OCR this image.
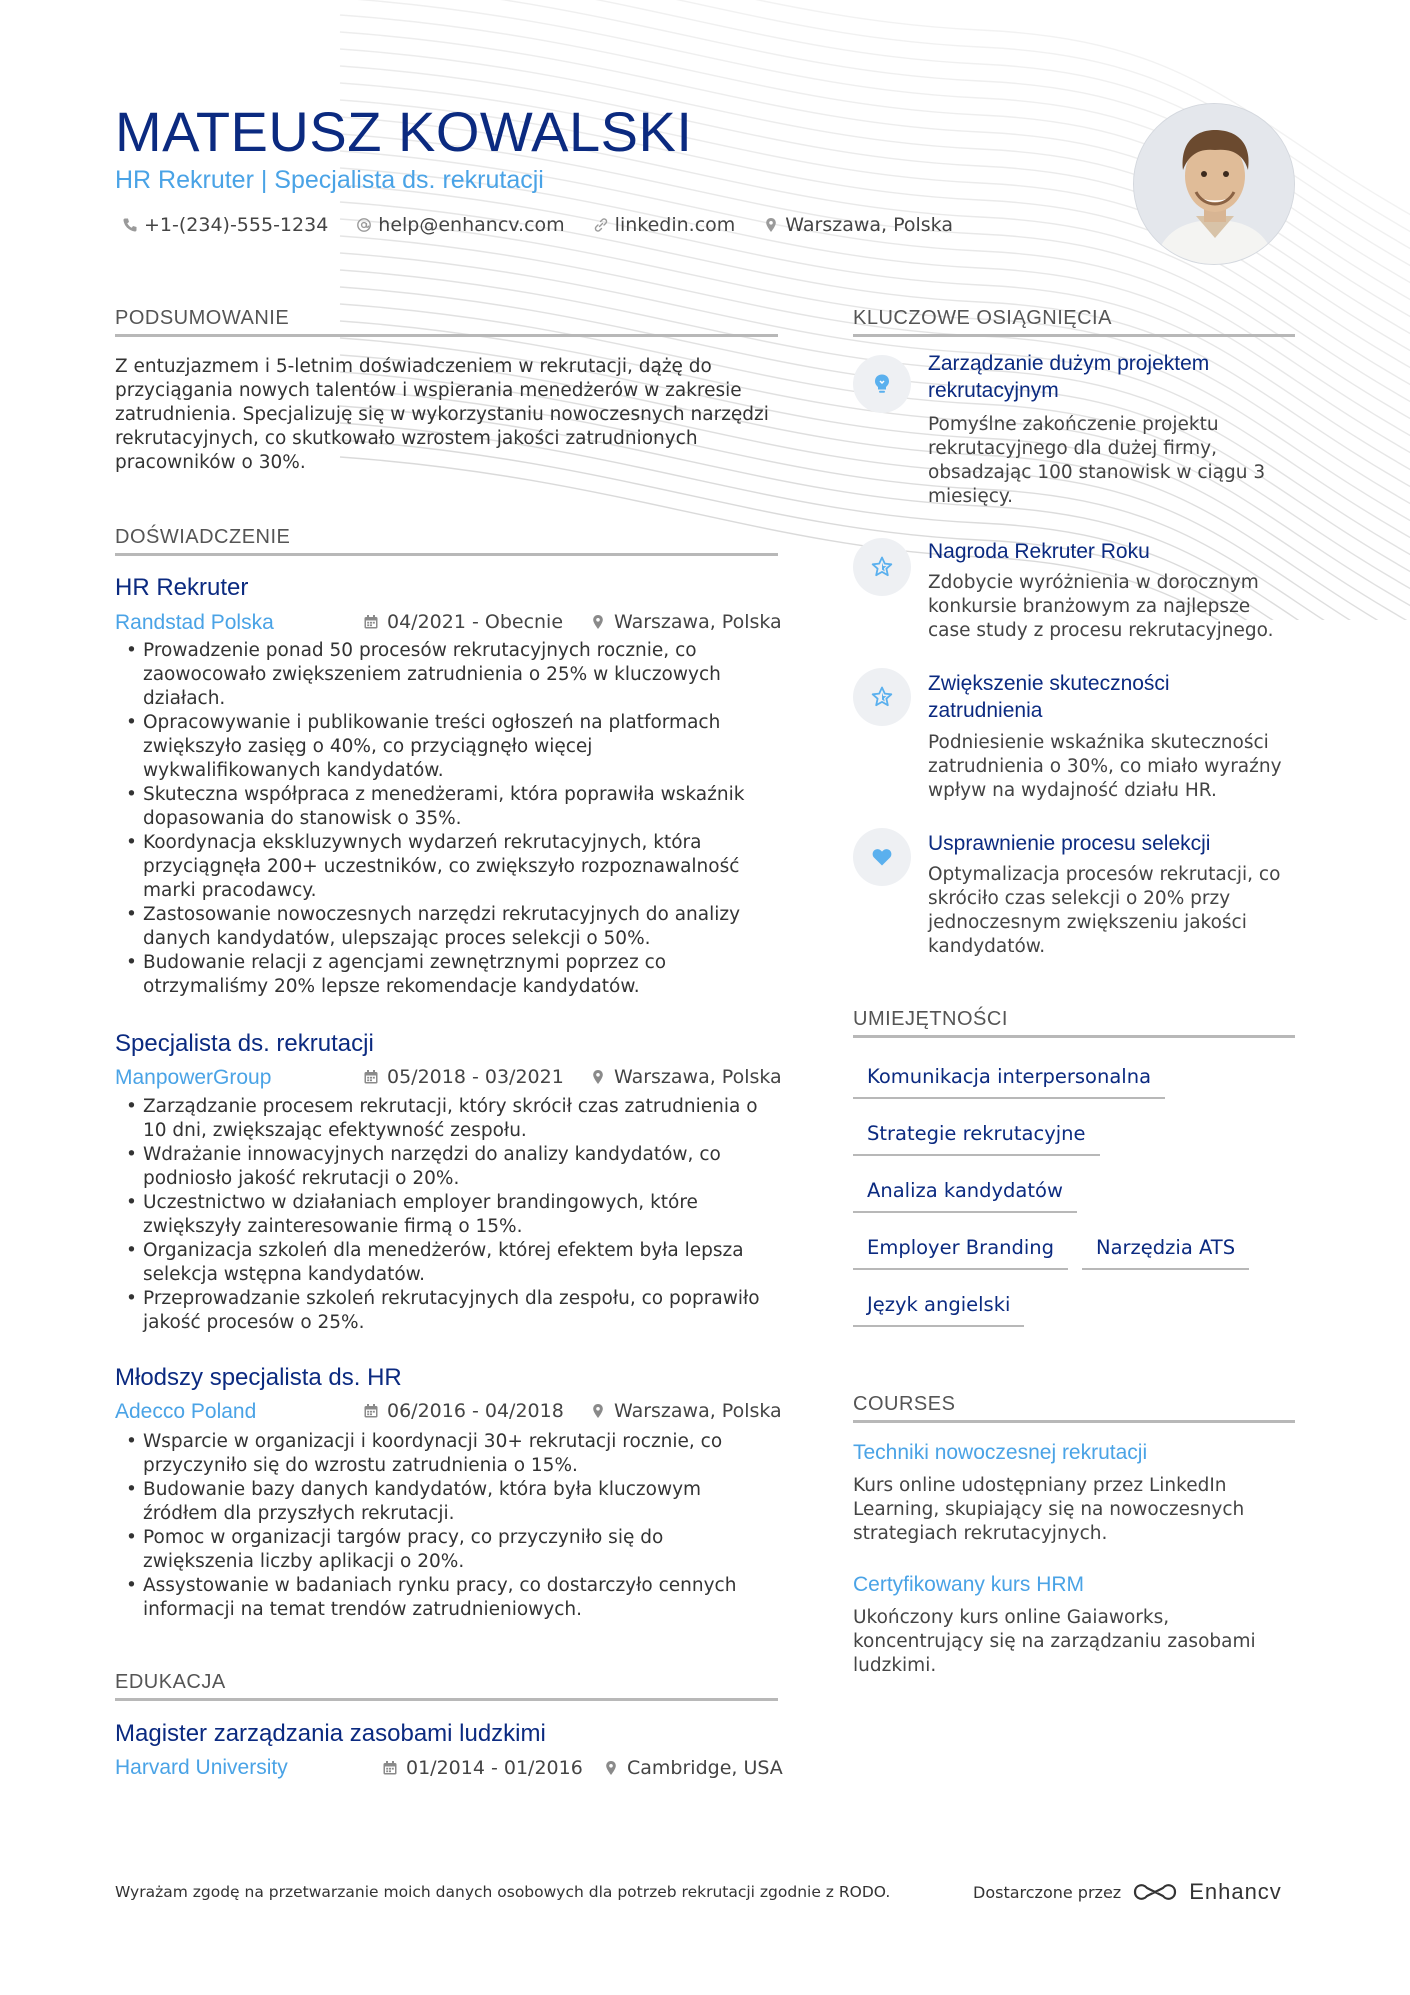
MATEUSZ KOWALSKI
HR Rekruter | Specjalista ds. rekrutacji
+1-(234)-555-1234	help@enhancv.com	linkedin.com	Warszawa, Polska
PODSUMOWANIE
Z entuzjazmem i 5-letnim doświadczeniem w rekrutacji, dążę do
przyciągania nowych talentów i wspierania menedżerów w zakresie
zatrudnienia. Specjalizuję się w wykorzystaniu nowoczesnych narzędzi
rekrutacyjnych, co skutkowało wzrostem jakości zatrudnionych
pracowników o 30%.
DOŚWIADCZENIE
HR Rekruter
Randstad Polska	04/2021 - Obecnie	Warszawa, Polska
• Prowadzenie ponad 50 procesów rekrutacyjnych rocznie, co zaowocowało zwiększeniem zatrudnienia o 25% w kluczowych działach.
• Opracowywanie i publikowanie treści ogłoszeń na platformach zwiększyło zasięg o 40%, co przyciągnęło więcej wykwalifikowanych kandydatów.
• Skuteczna współpraca z menedżerami, która poprawiła wskaźnik dopasowania do stanowisk o 35%.
• Koordynacja ekskluzywnych wydarzeń rekrutacyjnych, która przyciągnęła 200+ uczestników, co zwiększyło rozpoznawalność marki pracodawcy.
• Zastosowanie nowoczesnych narzędzi rekrutacyjnych do analizy danych kandydatów, ulepszając proces selekcji o 50%.
• Budowanie relacji z agencjami zewnętrznymi poprzez co otrzymaliśmy 20% lepsze rekomendacje kandydatów.
Specjalista ds. rekrutacji
ManpowerGroup	05/2018 - 03/2021	Warszawa, Polska
• Zarządzanie procesem rekrutacji, który skrócił czas zatrudnienia o 10 dni, zwiększając efektywność zespołu.
• Wdrażanie innowacyjnych narzędzi do analizy kandydatów, co podniosło jakość rekrutacji o 20%.
• Uczestnictwo w działaniach employer brandingowych, które zwiększyły zainteresowanie firmą o 15%.
• Organizacja szkoleń dla menedżerów, której efektem była lepsza selekcja wstępna kandydatów.
• Przeprowadzanie szkoleń rekrutacyjnych dla zespołu, co poprawiło jakość procesów o 25%.
Młodszy specjalista ds. HR
Adecco Poland	06/2016 - 04/2018	Warszawa, Polska
• Wsparcie w organizacji i koordynacji 30+ rekrutacji rocznie, co przyczyniło się do wzrostu zatrudnienia o 15%.
• Budowanie bazy danych kandydatów, która była kluczowym źródłem dla przyszłych rekrutacji.
• Pomoc w organizacji targów pracy, co przyczyniło się do zwiększenia liczby aplikacji o 20%.
• Assystowanie w badaniach rynku pracy, co dostarczyło cennych informacji na temat trendów zatrudnieniowych.
EDUKACJA
Magister zarządzania zasobami ludzkimi
Harvard University	01/2014 - 01/2016 Cambridge, USA
KLUCZOWE OSIĄGNIĘCIA
Zarządzanie dużym projektem
rekrutacyjnym
Pomyślne zakończenie projektu
rekrutacyjnego dla dużej firmy,
obsadzając 100 stanowisk w ciągu 3
miesięcy.
Nagroda Rekruter Roku
Zdobycie wyróżnienia w dorocznym
konkursie branżowym za najlepsze
case study z procesu rekrutacyjnego.
Zwiększenie skuteczności
zatrudnienia
Podniesienie wskaźnika skuteczności
zatrudnienia o 30%, co miało wyraźny
wpływ na wydajność działu HR.
Usprawnienie procesu selekcji
Optymalizacja procesów rekrutacji, co
skróciło czas selekcji o 20% przy
jednoczesnym zwiększeniu jakości
kandydatów.
UMIEJĘTNOŚCI
Komunikacja interpersonalna
Strategie rekrutacyjne
Analiza kandydatów
Employer Branding	Narzędzia ATS
Język angielski
COURSES
Techniki nowoczesnej rekrutacji
Kurs online udostępniany przez LinkedIn
Learning, skupiający się na nowoczesnych
strategiach rekrutacyjnych.
Certyfikowany kurs HRM
Ukończony kurs online Gaiaworks,
koncentrujący się na zarządzaniu zasobami
ludzkimi.
Wyrażam zgodę na przetwarzanie moich danych osobowych dla potrzeb rekrutacji zgodnie z RODO.	Dostarczone przez	Enhancv
